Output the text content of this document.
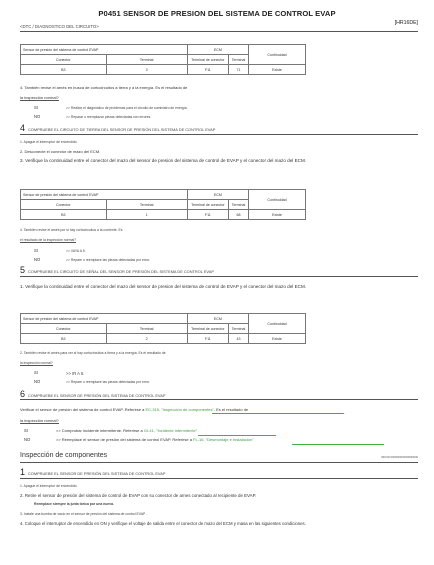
P0451 SENSOR DE PRESION DEL SISTEMA DE CONTROL EVAP
[HR16DE]
<DTC / DIAGNOSTICO DEL CIRCUITO>
Sensor de presión del sistema de control EVAP		ECM		Continuidad
Conector	Terminal	Terminal de conector	Terminal	
B3	3	F11	71	Existe
4. También revise el arnés en busca de cortocircuitos a tierra y a la energía. Es el resultado de
la inspección normal?
SI	>> Realice el diagnóstico de problemas para el circuito de suministro de energía.
NO	>> Reparar o reemplazar piezas detectadas con errores.
4 COMPRUEBE EL CIRCUITO DE TIERRA DEL SENSOR DE PRESIÓN DEL SISTEMA DE CONTROL EVAP
1. Apague el interruptor de encendido.
2. Desconecte el conector de mazo del ECM.
3. Verifique la continuidad entre el conector del mazo del sensor de presion del sistema de control de EVAP y el conector del mazo del ECM.
Sensor de presión del sistema de control EVAP		ECM		Continuidad
Conector	Terminal	Terminal de conector	Terminal	
B3	1	F11	68	Existe
4. También revise el arnés por si hay cortocircuitos a la corriente. Es
el resultado de la inspección normal?
SI	>> VAYA A 5.
NO	>> Repare o reemplace las piezas detectadas por error.
5 COMPRUEBE EL CIRCUITO DE SEÑAL DEL SENSOR DE PRESIÓN DEL SISTEMA DE CONTROL EVAP
1. Verifique la continuidad entre el conector del mazo del sensor de presion del sistema de control de EVAP y el conector del mazo del ECM.
Sensor de presión del sistema de control EVAP		ECM		Continuidad
Conector	Terminal	Terminal de conector	Terminal	
B3	2	F11	43	Existe
2. También revise el arnés para ver si hay cortocircuitos a tierra y a la energía. Es el resultado de
la inspección normal?
SI	>> IR A 6.
NO	>> Repare o reemplace las piezas detectadas por error.
6 COMPRUEBE EL SENSOR DE PRESIÓN DEL SISTEMA DE CONTROL EVAP
Verificar el sensor de presión del sistema de control EVAP. Referirse a EC-315, "Inspección de componentes". Es el resultado de
la inspección normal?
SI	>> Comprobar incidente intermitente. Referirse a GI-41, "Incidente intermitente"
NO	>> Reemplace el sensor de presión del sistema de control EVAP. Referirse a FL-16, "Desmontaje e Instalación"
Inspección de componentes	INFOID:0000000000000000000
1 COMPRUEBE EL SENSOR DE PRESIÓN DEL SISTEMA DE CONTROL EVAP
1. Apague el interruptor de encendido.
2. Retire el sensor de presión del sistema de control de EVAP con su conector de arnes conectado al recipiente de EVAP.
Reemplace siempre la junta tórica por una nueva.
3. Instale una bomba de vacío en el sensor de presión del sistema de control EVAP .
4. Coloque el interruptor de encendido en ON y verifique el voltaje de salida entre el conector de mazo del ECM y masa en las siguientes condiciones.
